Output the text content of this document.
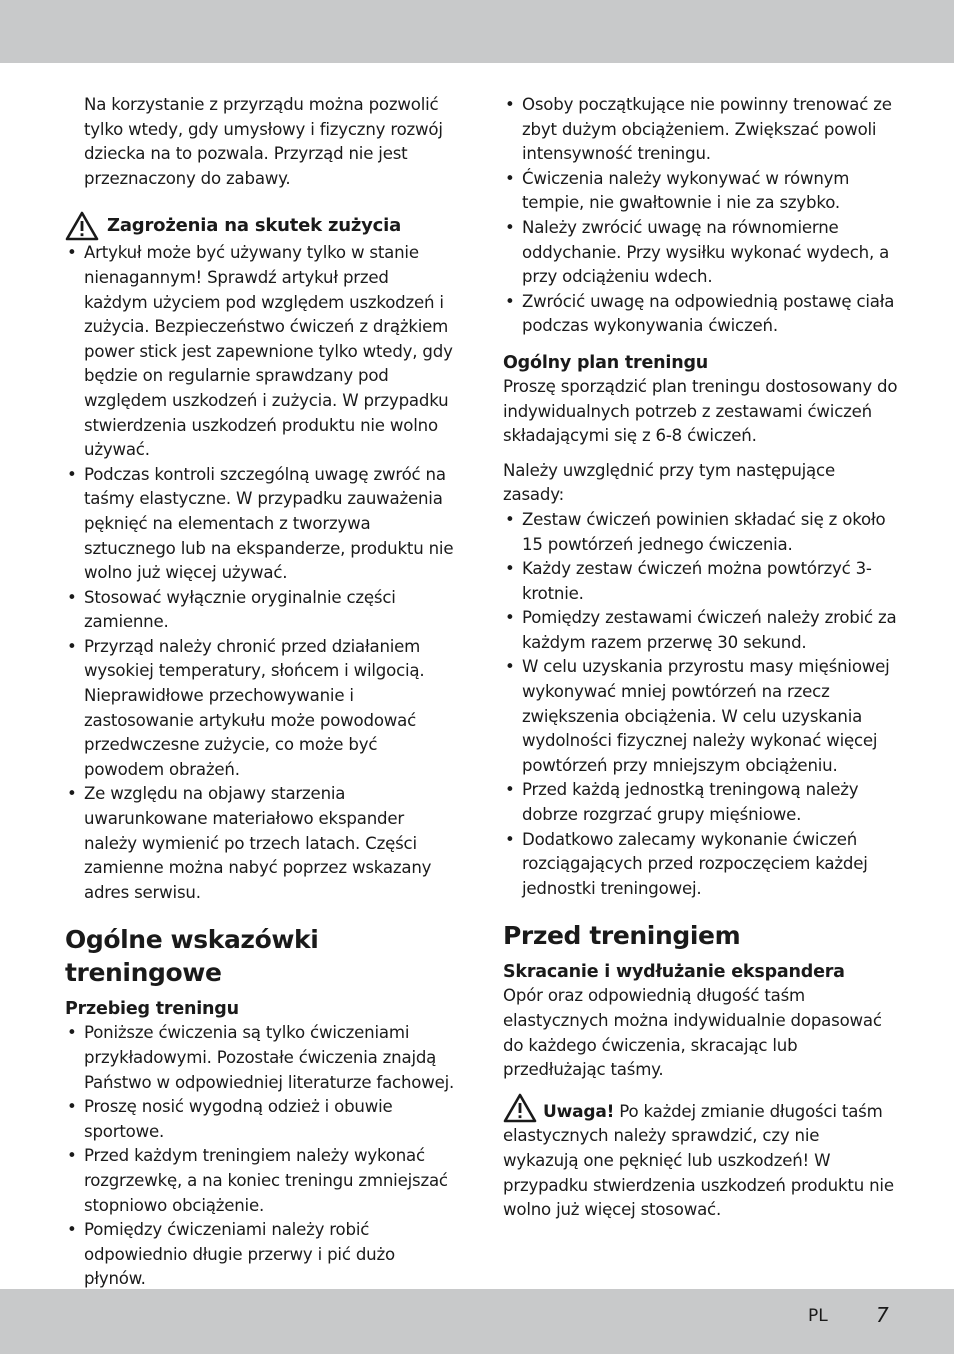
Na korzystanie z przyrządu można pozwolić tylko wtedy, gdy umysłowy i fizyczny rozwój dziecka na to pozwala. Przyrząd nie jest przeznaczony do zabawy.

Zagrożenia na skutek zużycia
• Artykuł może być używany tylko w stanie nienagannym! Sprawdź artykuł przed każdym użyciem pod względem uszkodzeń i zużycia. Bezpieczeństwo ćwiczeń z drążkiem power stick jest zapewnione tylko wtedy, gdy będzie on regularnie sprawdzany pod względem uszkodzeń i zużycia. W przypadku stwierdzenia uszkodzeń produktu nie wolno używać.
• Podczas kontroli szczególną uwagę zwróć na taśmy elastyczne. W przypadku zauważenia pęknięć na elementach z tworzywa sztucznego lub na ekspanderze, produktu nie wolno już więcej używać.
• Stosować wyłącznie oryginalnie części zamienne.
• Przyrząd należy chronić przed działaniem wysokiej temperatury, słońcem i wilgocią. Nieprawidłowe przechowywanie i zastosowanie artykułu może powodować przedwczesne zużycie, co może być powodem obrażeń.
• Ze względu na objawy starzenia uwarunkowane materiałowo ekspander należy wymienić po trzech latach. Części zamienne można nabyć poprzez wskazany adres serwisu.
Ogólne wskazówki treningowe
Przebieg treningu
• Poniższe ćwiczenia są tylko ćwiczeniami przykładowymi. Pozostałe ćwiczenia znajdą Państwo w odpowiedniej literaturze fachowej.
• Proszę nosić wygodną odzież i obuwie sportowe.
• Przed każdym treningiem należy wykonać rozgrzewkę, a na koniec treningu zmniejszać stopniowo obciążenie.
• Pomiędzy ćwiczeniami należy robić odpowiednio długie przerwy i pić dużo płynów.
• Osoby początkujące nie powinny trenować ze zbyt dużym obciążeniem. Zwiększać powoli intensywność treningu.
• Ćwiczenia należy wykonywać w równym tempie, nie gwałtownie i nie za szybko.
• Należy zwrócić uwagę na równomierne oddychanie. Przy wysiłku wykonać wydech, a przy odciążeniu wdech.
• Zwrócić uwagę na odpowiednią postawę ciała podczas wykonywania ćwiczeń.
Ogólny plan treningu

Proszę sporządzić plan treningu dostosowany do indywidualnych potrzeb z zestawami ćwiczeń składającymi się z 6-8 ćwiczeń.

Należy uwzględnić przy tym następujące zasady:

• Zestaw ćwiczeń powinien składać się z około 15 powtórzeń jednego ćwiczenia.
• Każdy zestaw ćwiczeń można powtórzyć 3-krotnie.
• Pomiędzy zestawami ćwiczeń należy zrobić za każdym razem przerwę 30 sekund.
• W celu uzyskania przyrostu masy mięśniowej wykonywać mniej powtórzeń na rzecz zwiększenia obciążenia. W celu uzyskania wydolności fizycznej należy wykonać więcej powtórzeń przy mniejszym obciążeniu.
• Przed każdą jednostką treningową należy dobrze rozgrzać grupy mięśniowe.
• Dodatkowo zalecamy wykonanie ćwiczeń rozciągających przed rozpoczęciem każdej jednostki treningowej.
Przed treningiem
Skracanie i wydłużanie ekspandera

Opór oraz odpowiednią długość taśm elastycznych można indywidualnie dopasować do każdego ćwiczenia, skracając lub przedłużając taśmy.

Uwaga! Po każdej zmianie długości taśm elastycznych należy sprawdzić, czy nie wykazują one pęknięć lub uszkodzeń! W przypadku stwierdzenia uszkodzeń produktu nie wolno już więcej stosować.

PL 7
